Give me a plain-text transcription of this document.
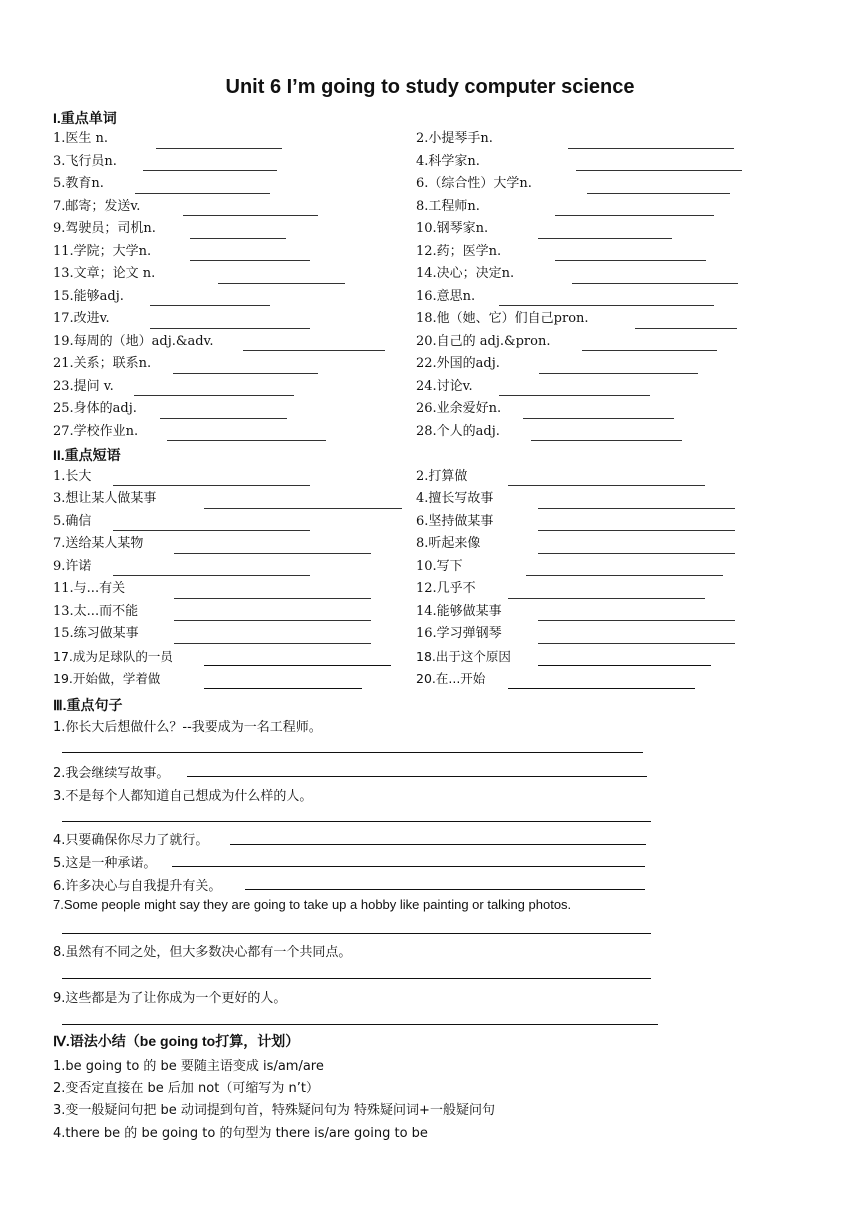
Unit 6 I’m going to study computer science
I.重点单词
1.医生 n.
3.飞行员n.
5.教育n.
7.邮寄；发送v.
9.驾驶员；司机n.
11.学院；大学n.
13.文章；论文 n.
15.能够adj.
17.改进v.
19.每周的（地）adj.&adv.
21.关系；联系n.
23.提问 v.
25.身体的adj.
27.学校作业n.
2.小提琴手n.
4.科学家n.
6.（综合性）大学n.
8.工程师n.
10.钢琴家n.
12.药；医学n.
14.决心；决定n.
16.意思n.
18.他（她、它）们自己pron.
20.自己的 adj.&pron.
22.外国的adj.
24.讨论v.
26.业余爱好n.
28.个人的adj.
II.重点短语
1.长大
3.想让某人做某事
5.确信
7.送给某人某物
9.许诺
11.与...有关
13.太...而不能
15.练习做某事
17.成为足球队的一员
19.开始做，学着做
2.打算做
4.擅长写故事
6.坚持做某事
8.听起来像
10.写下
12.几乎不
14.能够做某事
16.学习弹钢琴
18.出于这个原因
20.在...开始
Ⅲ.重点句子
1.你长大后想做什么？--我要成为一名工程师。
2.我会继续写故事。
3.不是每个人都知道自己想成为什么样的人。
4.只要确保你尽力了就行。
5.这是一种承诺。
6.许多决心与自我提升有关。
7.Some people might say they are going to take up a hobby like painting or talking photos.
8.虽然有不同之处，但大多数决心都有一个共同点。
9.这些都是为了让你成为一个更好的人。
Ⅳ.语法小结（be going to打算，计划）
1.be going to 的 be 要随主语变成 is/am/are
2.变否定直接在 be 后加 not（可缩写为 n’t）
3.变一般疑问句把 be 动词提到句首，特殊疑问句为 特殊疑问词+一般疑问句
4.there be 的 be going to 的句型为 there is/are going to be
